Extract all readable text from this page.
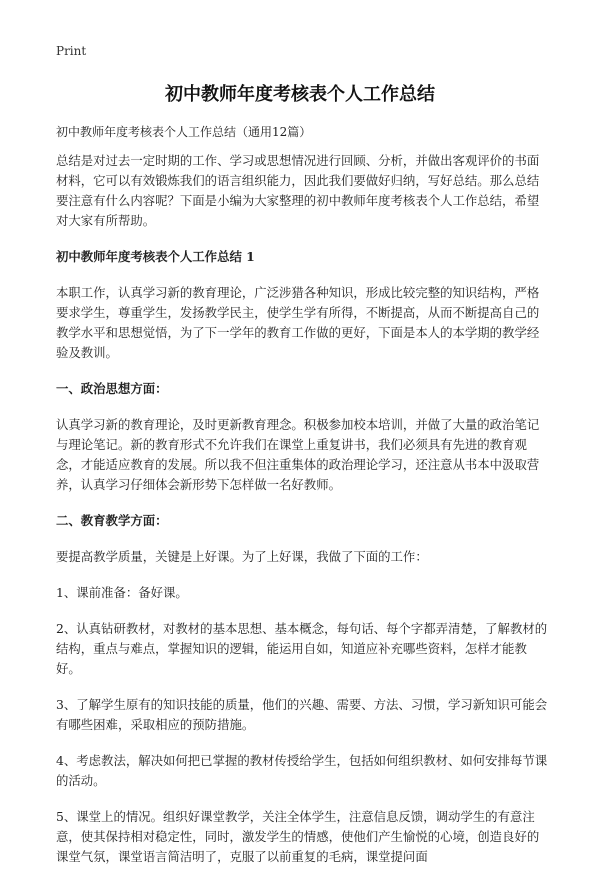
Print
初中教师年度考核表个人工作总结
初中教师年度考核表个人工作总结（通用12篇）

总结是对过去一定时期的工作、学习或思想情况进行回顾、分析，并做出客观评价的书面材料，它可以有效锻炼我们的语言组织能力，因此我们要做好归纳，写好总结。那么总结要注意有什么内容呢？下面是小编为大家整理的初中教师年度考核表个人工作总结，希望对大家有所帮助。

初中教师年度考核表个人工作总结 1

本职工作，认真学习新的教育理论，广泛涉猎各种知识，形成比较完整的知识结构，严格要求学生，尊重学生，发扬教学民主，使学生学有所得，不断提高，从而不断提高自己的教学水平和思想觉悟，为了下一学年的教育工作做的更好，下面是本人的本学期的教学经验及教训。

一、政治思想方面：

认真学习新的教育理论，及时更新教育理念。积极参加校本培训，并做了大量的政治笔记与理论笔记。新的教育形式不允许我们在课堂上重复讲书，我们必须具有先进的教育观念，才能适应教育的发展。所以我不但注重集体的政治理论学习，还注意从书本中汲取营养，认真学习仔细体会新形势下怎样做一名好教师。

二、教育教学方面：

要提高教学质量，关键是上好课。为了上好课，我做了下面的工作：

1、课前准备：备好课。

2、认真钻研教材，对教材的基本思想、基本概念，每句话、每个字都弄清楚，了解教材的结构，重点与难点，掌握知识的逻辑，能运用自如，知道应补充哪些资料，怎样才能教好。

3、了解学生原有的知识技能的质量，他们的兴趣、需要、方法、习惯，学习新知识可能会有哪些困难，采取相应的预防措施。

4、考虑教法，解决如何把已掌握的教材传授给学生，包括如何组织教材、如何安排每节课的活动。

5、课堂上的情况。组织好课堂教学，关注全体学生，注意信息反馈，调动学生的有意注意，使其保持相对稳定性，同时，激发学生的情感，使他们产生愉悦的心境，创造良好的课堂气氛，课堂语言简洁明了，克服了以前重复的毛病，课堂提问面
